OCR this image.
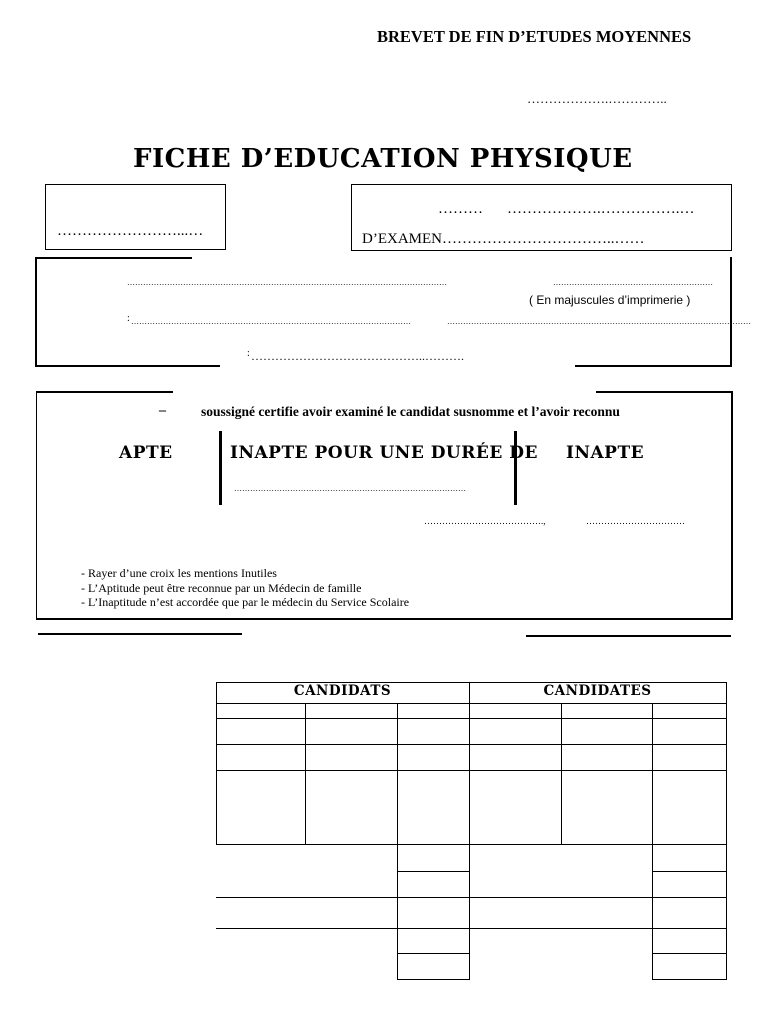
BREVET DE FIN D’ETUDES MOYENNES
……………….…………..
FICHE D’EDUCATION PHYSIQUE
……………………...…
……… ……………….…………….…
D’EXAMEN……………………………..……
…………………………………………………………………………………………………………	……………………………………………………
( En majuscules d’imprimerie )
: ……………………………………………………………………………………………	……………………………………………………………………………………………………
: ……………………………………..……….
–	soussigné certifie avoir examiné le candidat susnomme et l’avoir reconnu
APTE	INAPTE POUR UNE DURÉE DE INAPTE
……………………………………………………………………………
………………………………….,	……………………………
- Rayer d’une croix les mentions Inutiles
- L’Aptitude peut être reconnue par un Médecin de famille
- L’Inaptitude n’est accordée que par le médecin du Service Scolaire
CANDIDATS	CANDIDATES
